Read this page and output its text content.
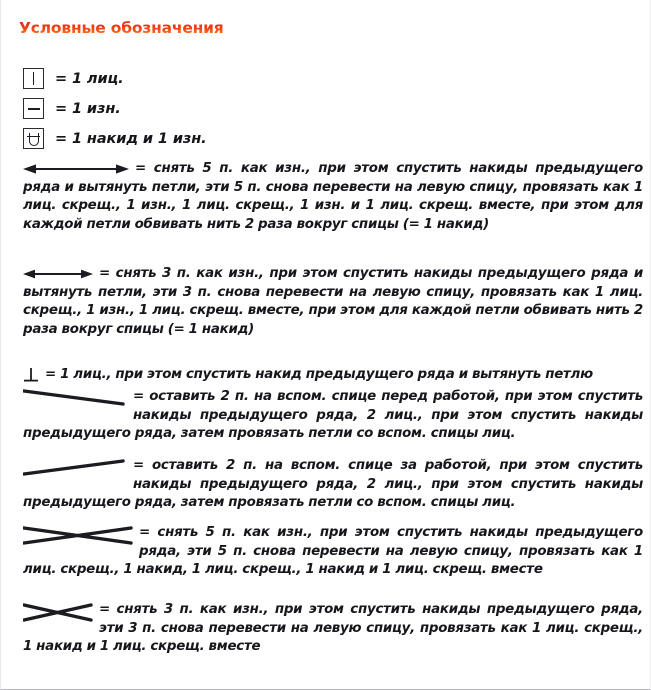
Условные обозначения
= 1 лиц.
= 1 изн.
= 1 накид и 1 изн.

= снять 5 п. как изн., при этом спустить накиды предыдущего ряда и вытянуть петли, эти 5 п. снова перевести на левую спицу, провязать как 1 лиц. скрещ., 1 изн., 1 лиц. скрещ., 1 изн. и 1 лиц. скрещ. вместе, при этом для каждой петли обвивать нить 2 раза вокруг спицы (= 1 накид)

= снять 3 п. как изн., при этом спустить накиды предыдущего ряда и вытянуть петли, эти 3 п. снова перевести на левую спицу, провязать как 1 лиц. скрещ., 1 изн., 1 лиц. скрещ. вместе, при этом для каждой петли обвивать нить 2 раза вокруг спицы (= 1 накид)

= 1 лиц., при этом спустить накид предыдущего ряда и вытянуть петлю

= оставить 2 п. на вспом. спице перед работой, при этом спустить накиды предыдущего ряда, 2 лиц., при этом спустить накиды предыдущего ряда, затем провязать петли со вспом. спицы лиц.

= оставить 2 п. на вспом. спице за работой, при этом спустить накиды предыдущего ряда, 2 лиц., при этом спустить накиды предыдущего ряда, затем провязать петли со вспом. спицы лиц.

= снять 5 п. как изн., при этом спустить накиды предыдущего ряда, эти 5 п. снова перевести на левую спицу, провязать как 1 лиц. скрещ., 1 накид, 1 лиц. скрещ., 1 накид и 1 лиц. скрещ. вместе

= снять 3 п. как изн., при этом спустить накиды предыдущего ряда, эти 3 п. снова перевести на левую спицу, провязать как 1 лиц. скрещ., 1 накид и 1 лиц. скрещ. вместе
